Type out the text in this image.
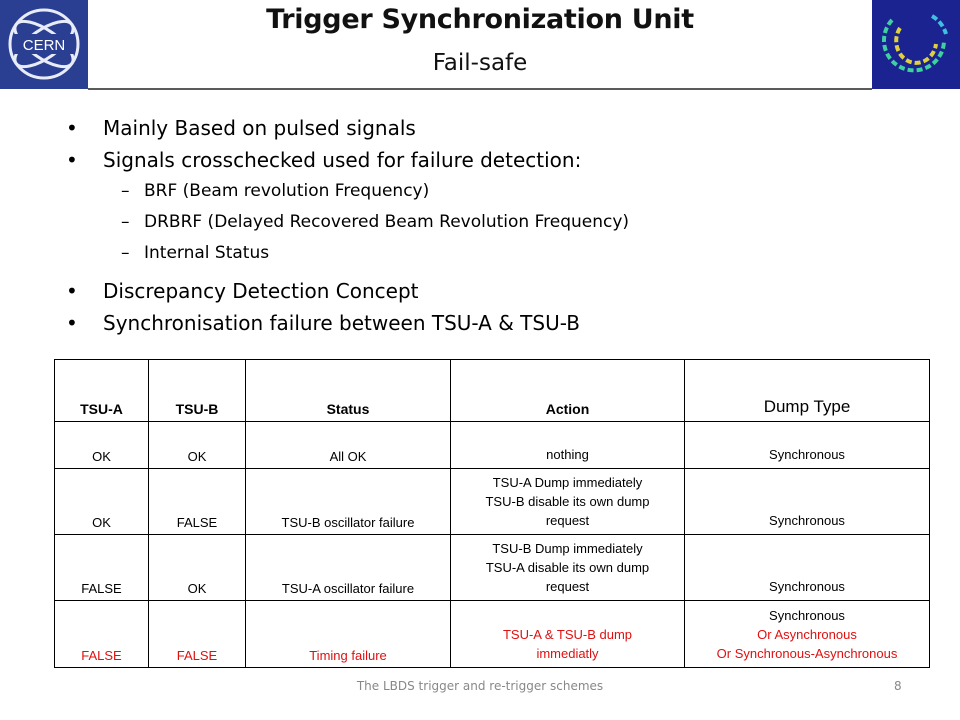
CERN
Trigger Synchronization Unit
Fail-safe
• Mainly Based on pulsed signals
• Signals crosschecked used for failure detection:
– BRF (Beam revolution Frequency)
– DRBRF (Delayed Recovered Beam Revolution Frequency)
– Internal Status
• Discrepancy Detection Concept
• Synchronisation failure between TSU-A & TSU-B
TSU-A	TSU-B	Status	Action	Dump Type
OK	OK	All OK	nothing	Synchronous

OK	FALSE	TSU-B oscillator failure	TSU-A Dump immediately
TSU-B disable its own dump
request	Synchronous

FALSE	OK	TSU-A oscillator failure	TSU-B Dump immediately
TSU-A disable its own dump
request	Synchronous

FALSE	FALSE	Timing failure	TSU-A & TSU-B dump
immediatly	Synchronous
Or Asynchronous
Or Synchronous-Asynchronous
The LBDS trigger and re-trigger schemes	8
